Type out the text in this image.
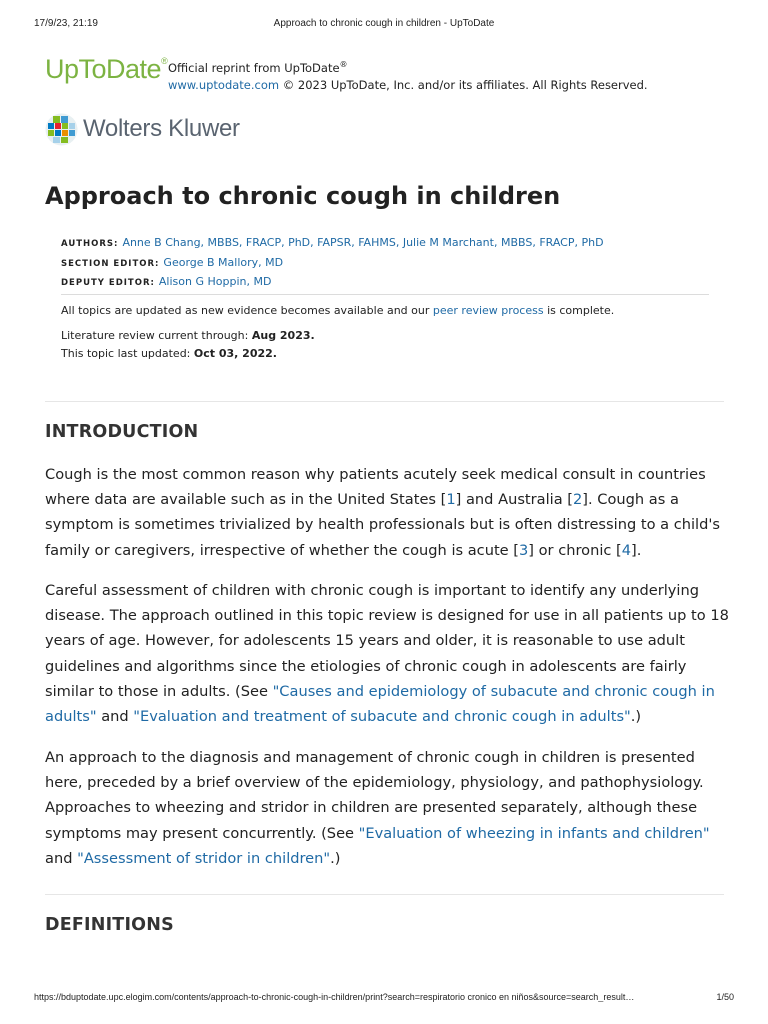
17/9/23, 21:19	Approach to chronic cough in children - UpToDate
UpToDate® Official reprint from UpToDate®
www.uptodate.com © 2023 UpToDate, Inc. and/or its affiliates. All Rights Reserved.
Wolters Kluwer
Approach to chronic cough in children
AUTHORS: Anne B Chang, MBBS, FRACP, PhD, FAPSR, FAHMS, Julie M Marchant, MBBS, FRACP, PhD
SECTION EDITOR: George B Mallory, MD
DEPUTY EDITOR: Alison G Hoppin, MD
All topics are updated as new evidence becomes available and our peer review process is complete.
Literature review current through: Aug 2023.
This topic last updated: Oct 03, 2022.
INTRODUCTION

Cough is the most common reason why patients acutely seek medical consult in countries where data are available such as in the United States [1] and Australia [2]. Cough as a symptom is sometimes trivialized by health professionals but is often distressing to a child's family or caregivers, irrespective of whether the cough is acute [3] or chronic [4].

Careful assessment of children with chronic cough is important to identify any underlying disease. The approach outlined in this topic review is designed for use in all patients up to 18 years of age. However, for adolescents 15 years and older, it is reasonable to use adult guidelines and algorithms since the etiologies of chronic cough in adolescents are fairly similar to those in adults. (See "Causes and epidemiology of subacute and chronic cough in adults" and "Evaluation and treatment of subacute and chronic cough in adults".)

An approach to the diagnosis and management of chronic cough in children is presented here, preceded by a brief overview of the epidemiology, physiology, and pathophysiology. Approaches to wheezing and stridor in children are presented separately, although these symptoms may present concurrently. (See "Evaluation of wheezing in infants and children" and "Assessment of stridor in children".)

DEFINITIONS
https://bduptodate.upc.elogim.com/contents/approach-to-chronic-cough-in-children/print?search=respiratorio cronico en niños&source=search_result…	1/50
